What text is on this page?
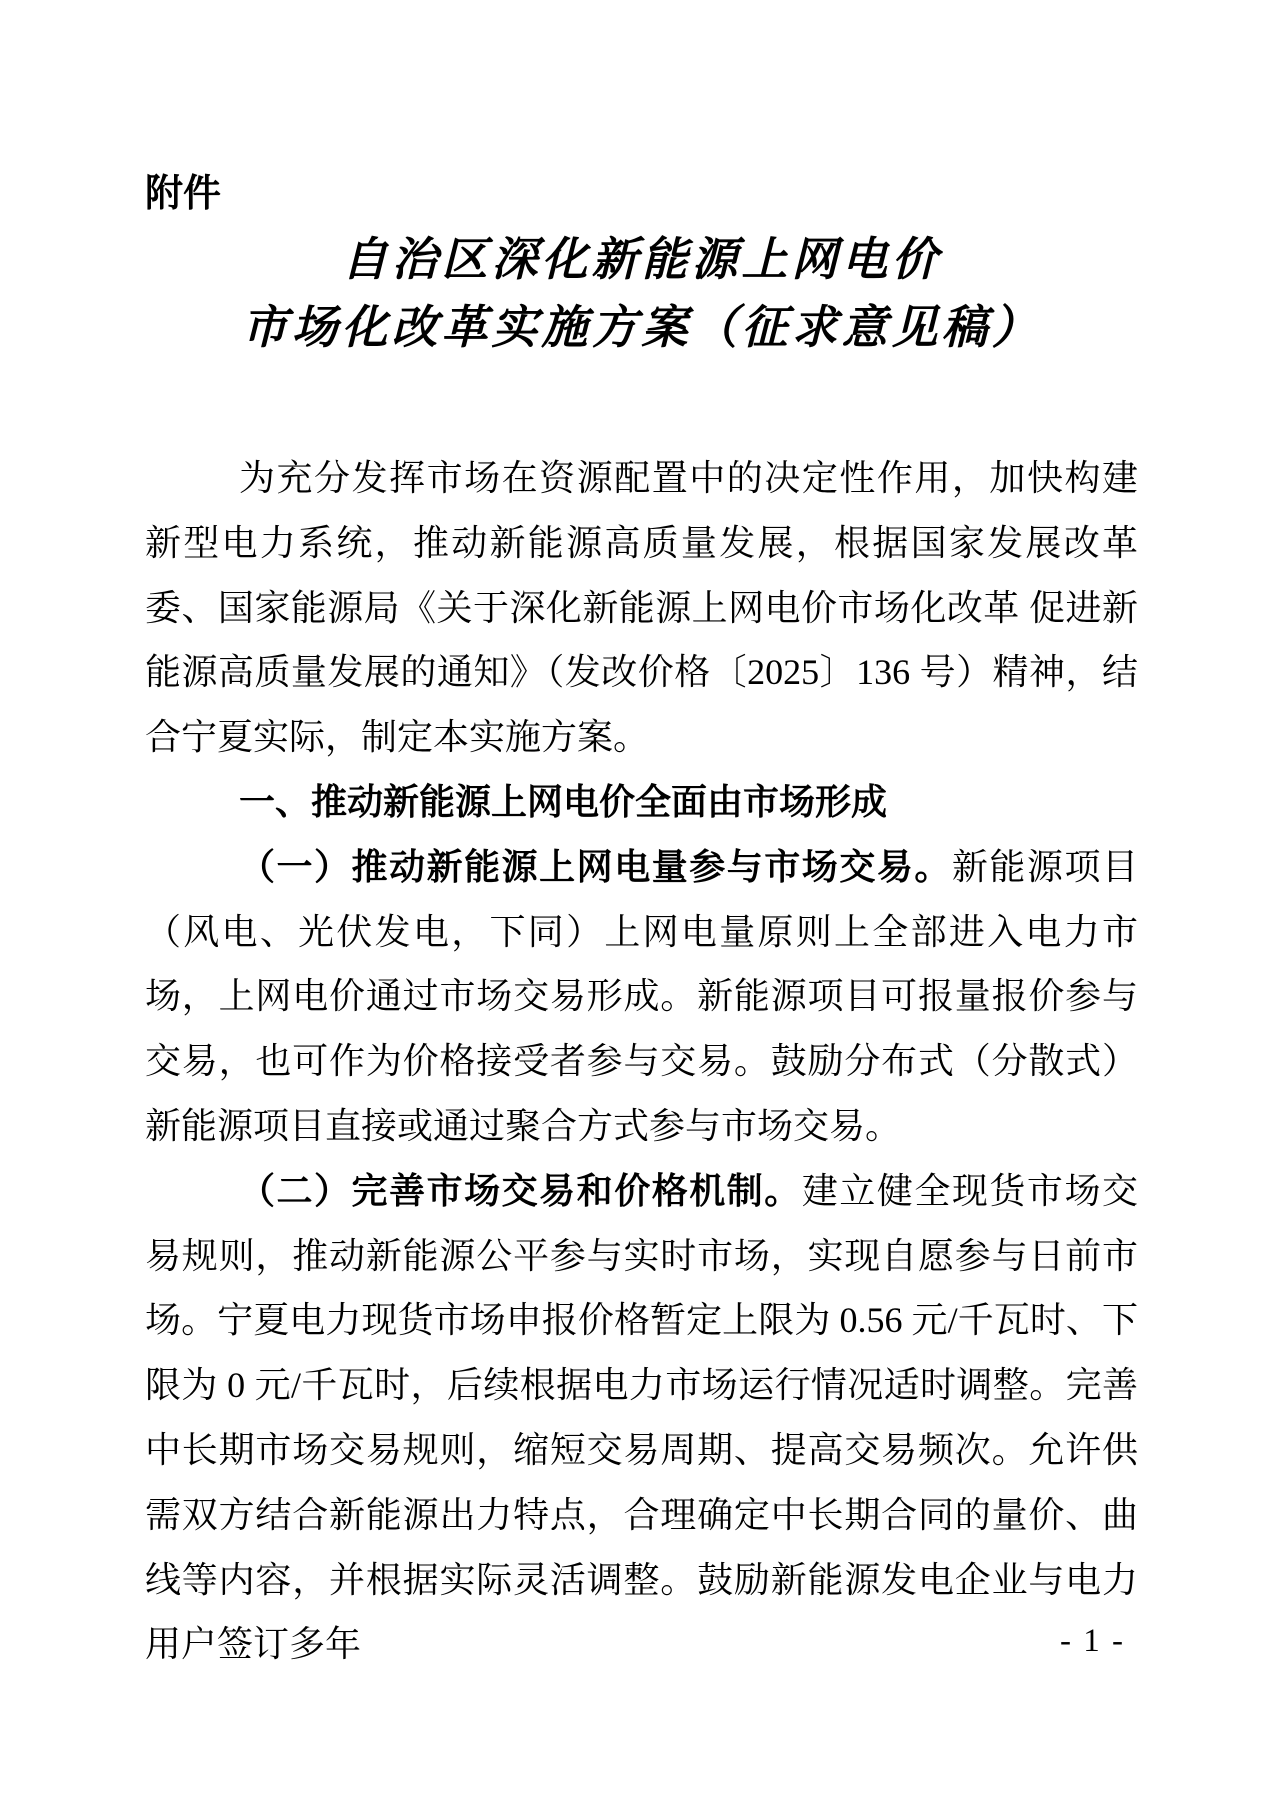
附件
自治区深化新能源上网电价
市场化改革实施方案（征求意见稿）

为充分发挥市场在资源配置中的决定性作用，加快构建新型电力系统，推动新能源高质量发展，根据国家发展改革委、国家能源局《关于深化新能源上网电价市场化改革 促进新能源高质量发展的通知》（发改价格〔2025〕136 号）精神，结合宁夏实际，制定本实施方案。

一、推动新能源上网电价全面由市场形成

（一）推动新能源上网电量参与市场交易。新能源项目（风电、光伏发电，下同）上网电量原则上全部进入电力市场，上网电价通过市场交易形成。新能源项目可报量报价参与交易，也可作为价格接受者参与交易。鼓励分布式（分散式）新能源项目直接或通过聚合方式参与市场交易。

（二）完善市场交易和价格机制。建立健全现货市场交易规则，推动新能源公平参与实时市场，实现自愿参与日前市场。宁夏电力现货市场申报价格暂定上限为 0.56 元/千瓦时、下限为 0 元/千瓦时，后续根据电力市场运行情况适时调整。完善中长期市场交易规则，缩短交易周期、提高交易频次。允许供需双方结合新能源出力特点，合理确定中长期合同的量价、曲线等内容，并根据实际灵活调整。鼓励新能源发电企业与电力用户签订多年	- 1 -
